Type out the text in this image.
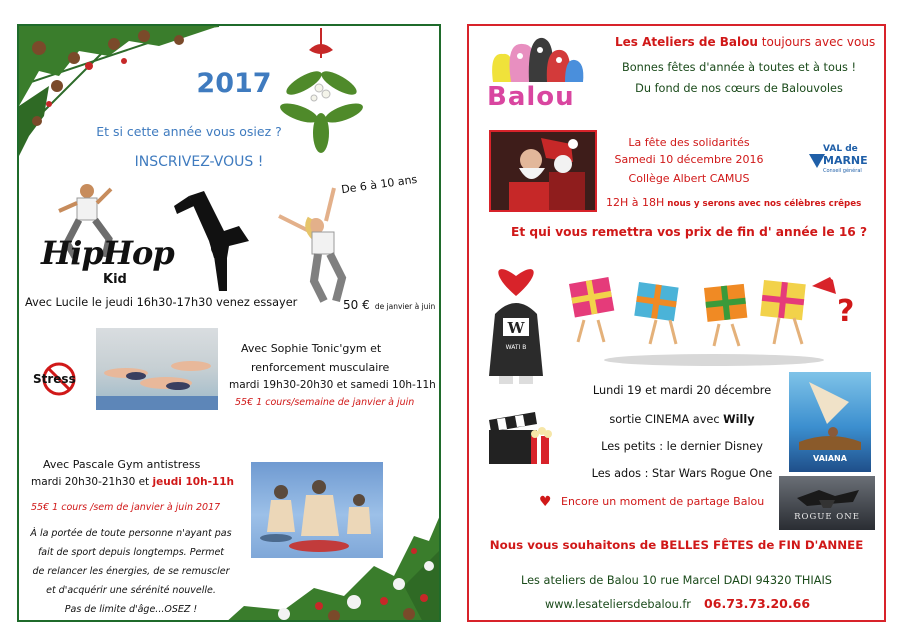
2017
Et si cette année vous osiez ?
INSCRIVEZ-VOUS !
HipHop
Kid
De 6 à 10 ans
Avec Lucile le jeudi 16h30-17h30 venez essayer	50 € de janvier à juin
Stress
Avec Sophie Tonic'gym et
renforcement musculaire
mardi 19h30-20h30 et samedi 10h-11h
55€ 1 cours/semaine de janvier à juin
Avec Pascale Gym antistress
mardi 20h30-21h30 et jeudi 10h-11h
55€ 1 cours /sem de janvier à juin 2017
À la portée de toute personne n'ayant pas
fait de sport depuis longtemps. Permet
de relancer les énergies, de se remuscler
et d'acquérir une sérénité nouvelle.
Pas de limite d'âge...OSEZ !
Balou
Les Ateliers de Balou toujours avec vous
Bonnes fêtes d'année à toutes et à tous !
Du fond de nos cœurs de Balouvoles
La fête des solidarités
Samedi 10 décembre 2016
Collège Albert CAMUS
12H à 18H nous y serons avec nos célèbres crêpes
VAL de
MARNE
Conseil général
Et qui vous remettra vos prix de fin d' année le 16 ?
W
WATI B
?
Lundi 19 et mardi 20 décembre
sortie CINEMA avec Willy
Les petits : le dernier Disney
Les ados : Star Wars Rogue One
♥ Encore un moment de partage Balou
VAIANA
ROGUE ONE
Nous vous souhaitons de BELLES FÊTES de FIN D'ANNEE
Les ateliers de Balou 10 rue Marcel DADI 94320 THIAIS
www.lesateliersdebalou.fr 06.73.73.20.66
